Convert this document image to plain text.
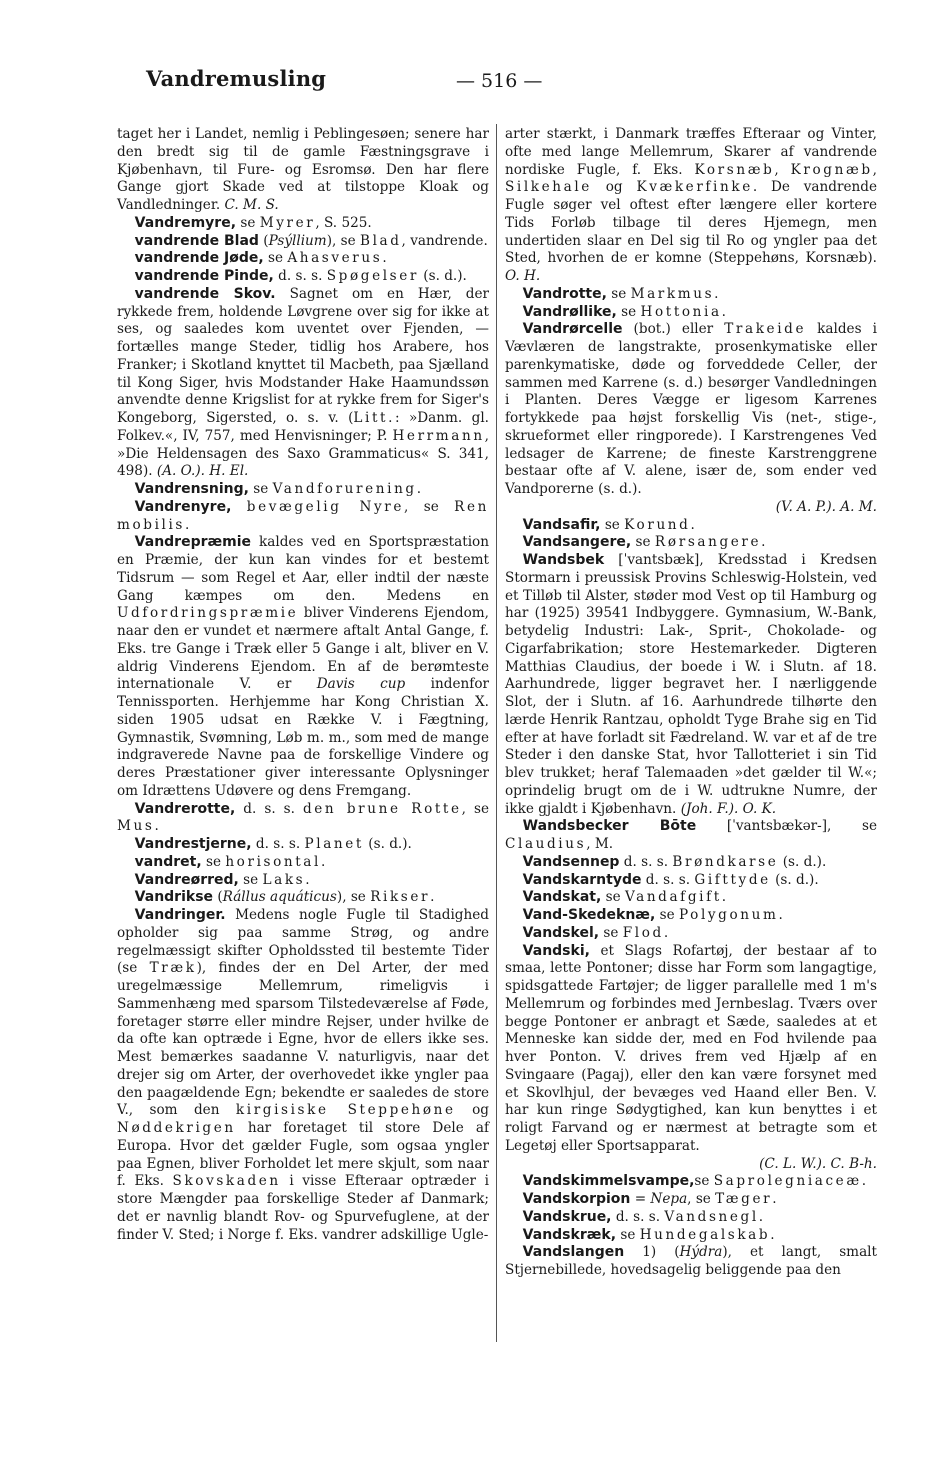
Vandremusling	— 516 —

taget her i Landet, nemlig i Peblingesøen; senere har den bredt sig til de gamle Fæstningsgrave i Kjøbenhavn, til Fure- og Esromsø. Den har flere Gange gjort Skade ved at tilstoppe Kloak og Vandledninger. C. M. S.

Vandremyre, se Myrer, S. 525.

vandrende Blad (Psýllium), se Blad, vandrende.

vandrende Jøde, se Ahasverus.

vandrende Pinde, d. s. s. Spøgelser (s. d.).

vandrende Skov. Sagnet om en Hær, der rykkede frem, holdende Løvgrene over sig for ikke at ses, og saaledes kom uventet over Fjenden, — fortælles mange Steder, tidlig hos Arabere, hos Franker; i Skotland knyttet til Macbeth, paa Sjælland til Kong Siger, hvis Modstander Hake Haamundssøn anvendte denne Krigslist for at rykke frem for Siger's Kongeborg, Sigersted, o. s. v. (Litt.: »Danm. gl. Folkev.«, IV, 757, med Henvisninger; P. Herrmann, »Die Heldensagen des Saxo Grammaticus« S. 341, 498). (A. O.). H. El.

Vandrensning, se Vandforurening.

Vandrenyre, bevægelig Nyre, se Ren mobilis.

Vandrepræmie kaldes ved en Sportspræstation en Præmie, der kun kan vindes for et bestemt Tidsrum — som Regel et Aar, eller indtil der næste Gang kæmpes om den. Medens en Udfordringspræmie bliver Vinderens Ejendom, naar den er vundet et nærmere aftalt Antal Gange, f. Eks. tre Gange i Træk eller 5 Gange i alt, bliver en V. aldrig Vinderens Ejendom. En af de berømteste internationale V. er Davis cup indenfor Tennissporten. Herhjemme har Kong Christian X. siden 1905 udsat en Række V. i Fægtning, Gymnastik, Svømning, Løb m. m., som med de mange indgraverede Navne paa de forskellige Vindere og deres Præstationer giver interessante Oplysninger om Idrættens Udøvere og dens Fremgang.

Vandrerotte, d. s. s. den brune Rotte, se Mus.

Vandrestjerne, d. s. s. Planet (s. d.).

vandret, se horisontal.

Vandreørred, se Laks.

Vandrikse (Rállus aquáticus), se Rikser.

Vandringer. Medens nogle Fugle til Stadighed opholder sig paa samme Strøg, og andre regelmæssigt skifter Opholdssted til bestemte Tider (se Træk), findes der en Del Arter, der med uregelmæssige Mellemrum, rimeligvis i Sammenhæng med sparsom Tilstedeværelse af Føde, foretager større eller mindre Rejser, under hvilke de da ofte kan optræde i Egne, hvor de ellers ikke ses. Mest bemærkes saadanne V. naturligvis, naar det drejer sig om Arter, der overhovedet ikke yngler paa den paagældende Egn; bekendte er saaledes de store V., som den kirgisiske Steppehøne og Nøddekrigen har foretaget til store Dele af Europa. Hvor det gælder Fugle, som ogsaa yngler paa Egnen, bliver Forholdet let mere skjult, som naar f. Eks. Skovskaden i visse Efteraar optræder i store Mængder paa forskellige Steder af Danmark; det er navnlig blandt Rov- og Spurvefuglene, at der finder V. Sted; i Norge f. Eks. vandrer adskillige Ugle-

arter stærkt, i Danmark træffes Efteraar og Vinter, ofte med lange Mellemrum, Skarer af vandrende nordiske Fugle, f. Eks. Korsnæb, Krognæb, Silkehale og Kvækerfinke. De vandrende Fugle søger vel oftest efter længere eller kortere Tids Forløb tilbage til deres Hjemegn, men undertiden slaar en Del sig til Ro og yngler paa det Sted, hvorhen de er komne (Steppehøns, Korsnæb). O. H.

Vandrotte, se Markmus.

Vandrøllike, se Hottonia.

Vandrørcelle (bot.) eller Trakeide kaldes i Vævlæren de langstrakte, prosenkymatiske eller parenkymatiske, døde og forveddede Celler, der sammen med Karrene (s. d.) besørger Vandledningen i Planten. Deres Vægge er ligesom Karrenes fortykkede paa højst forskellig Vis (net-, stige-, skrueformet eller ringporede). I Karstrengenes Ved ledsager de Karrene; de fineste Karstrenggrene bestaar ofte af V. alene, især de, som ender ved Vandporerne (s. d.).
(V. A. P.). A. M.

Vandsafir, se Korund.

Vandsangere, se Rørsangere.

Wandsbek [ˈvantsbæk], Kredsstad i Kredsen Stormarn i preussisk Provins Schleswig-Holstein, ved et Tilløb til Alster, støder mod Vest op til Hamburg og har (1925) 39541 Indbyggere. Gymnasium, W.-Bank, betydelig Industri: Lak-, Sprit-, Chokolade- og Cigarfabrikation; store Hestemarkeder. Digteren Matthias Claudius, der boede i W. i Slutn. af 18. Aarhundrede, ligger begravet her. I nærliggende Slot, der i Slutn. af 16. Aarhundrede tilhørte den lærde Henrik Rantzau, opholdt Tyge Brahe sig en Tid efter at have forladt sit Fædreland. W. var et af de tre Steder i den danske Stat, hvor Tallotteriet i sin Tid blev trukket; heraf Talemaaden »det gælder til W.«; oprindelig brugt om de i W. udtrukne Numre, der ikke gjaldt i Kjøbenhavn. (Joh. F.). O. K.

Wandsbecker Bōte [ˈvantsbækər-], se Claudius, M.

Vandsennep d. s. s. Brøndkarse (s. d.).

Vandskarntyde d. s. s. Gifttyde (s. d.).

Vandskat, se Vandafgift.

Vand-Skedeknæ, se Polygonum.

Vandskel, se Flod.

Vandski, et Slags Rofartøj, der bestaar af to smaa, lette Pontoner; disse har Form som langagtige, spidsgattede Fartøjer; de ligger parallelle med 1 m's Mellemrum og forbindes med Jernbeslag. Tværs over begge Pontoner er anbragt et Sæde, saaledes at et Menneske kan sidde der, med en Fod hvilende paa hver Ponton. V. drives frem ved Hjælp af en Svingaare (Pagaj), eller den kan være forsynet med et Skovlhjul, der bevæges ved Haand eller Ben. V. har kun ringe Sødygtighed, kan kun benyttes i et roligt Farvand og er nærmest at betragte som et Legetøj eller Sportsapparat.
(C. L. W.). C. B-h.

Vandskimmelsvampe,se Saprolegniaceæ.

Vandskorpion = Nepa, se Tæger.

Vandskrue, d. s. s. Vandsnegl.

Vandskræk, se Hundegalskab.

Vandslangen 1) (Hýdra), et langt, smalt Stjernebillede, hovedsagelig beliggende paa den
